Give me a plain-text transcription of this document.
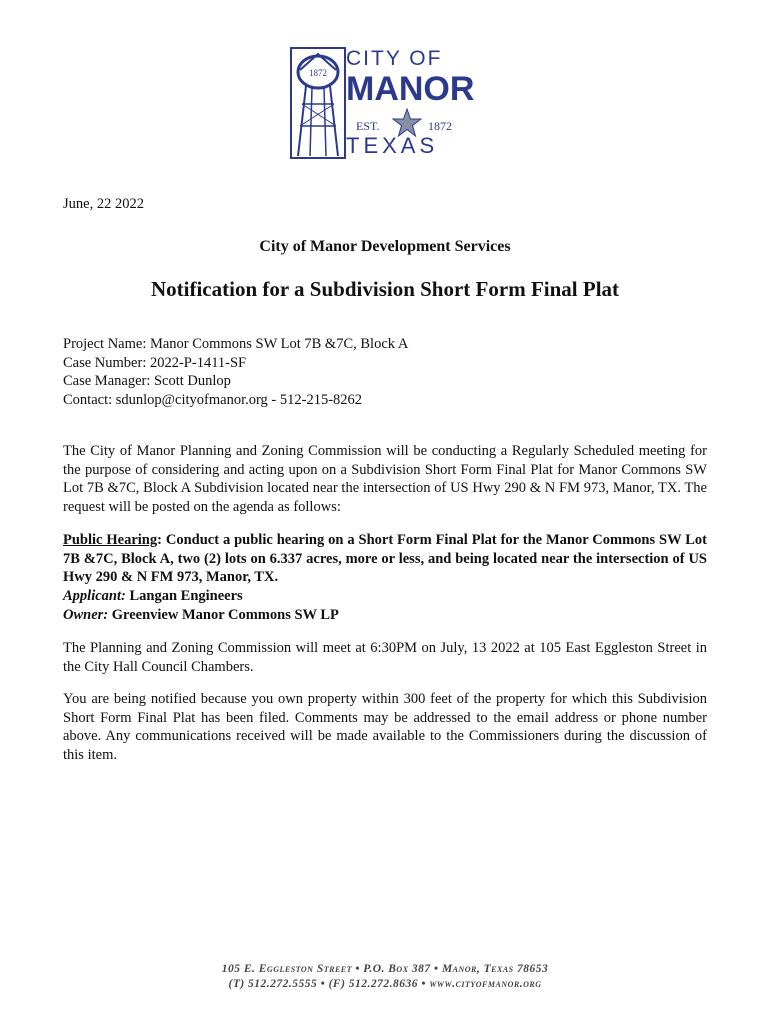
1872
CITY OF
MANOR
EST.	1872
TEXAS
June, 22 2022
City of Manor Development Services
Notification for a Subdivision Short Form Final Plat
Project Name: Manor Commons SW Lot 7B &7C, Block A
Case Number: 2022-P-1411-SF
Case Manager: Scott Dunlop
Contact: sdunlop@cityofmanor.org - 512-215-8262
The City of Manor Planning and Zoning Commission will be conducting a Regularly Scheduled meeting for the purpose of considering and acting upon on a Subdivision Short Form Final Plat for Manor Commons SW Lot 7B &7C, Block A Subdivision located near the intersection of US Hwy 290 & N FM 973, Manor, TX. The request will be posted on the agenda as follows:
Public Hearing: Conduct a public hearing on a Short Form Final Plat for the Manor Commons SW Lot 7B &7C, Block A, two (2) lots on 6.337 acres, more or less, and being located near the intersection of US Hwy 290 & N FM 973, Manor, TX.
Applicant: Langan Engineers
Owner: Greenview Manor Commons SW LP
The Planning and Zoning Commission will meet at 6:30PM on July, 13 2022 at 105 East Eggleston Street in the City Hall Council Chambers.
You are being notified because you own property within 300 feet of the property for which this Subdivision Short Form Final Plat has been filed. Comments may be addressed to the email address or phone number above. Any communications received will be made available to the Commissioners during the discussion of this item.
105 E. Eggleston Street • P.O. Box 387 • Manor, Texas 78653
(T) 512.272.5555 • (F) 512.272.8636 • www.cityofmanor.org
